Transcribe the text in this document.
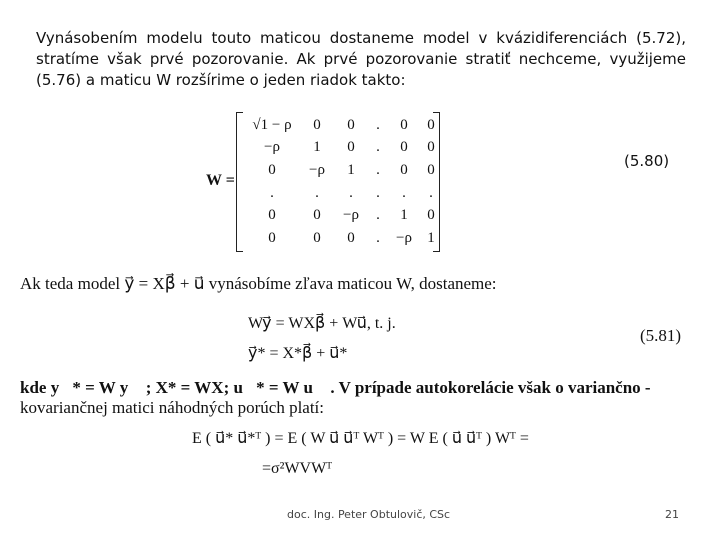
Vynásobením modelu touto maticou dostaneme model v kvázidiferenciách (5.72), stratíme však prvé pozorovanie. Ak prvé pozorovanie stratiť nechceme, využijeme (5.76) a maticu W rozšírime o jeden riadok takto:
W =
√1 − ρ	0	0	.	0	0
−ρ	1	0	.	0	0
0	−ρ	1	.	0	0
.	.	.	.	.	.
0	0	−ρ	.	1	0
0	0	0	.	−ρ	1
(5.80)
Ak teda model y⃗ = Xβ⃗ + u⃗ vynásobíme zľava maticou W, dostaneme:
Wy⃗ = WXβ⃗ + Wu⃗, t. j.
y⃗* = X*β⃗ + u⃗*
(5.81)
kde y⃗* = W y⃗ ; X* = WX; u⃗* = W u⃗ . V prípade autokorelácie však o variančno -
kovariančnej matici náhodných porúch platí:
E ( u⃗* u⃗*ᵀ ) = E ( W u⃗ u⃗ᵀ Wᵀ ) = W E ( u⃗ u⃗ᵀ ) Wᵀ =
=σ²WVWᵀ
doc. Ing. Peter Obtulovič, CSc	21
